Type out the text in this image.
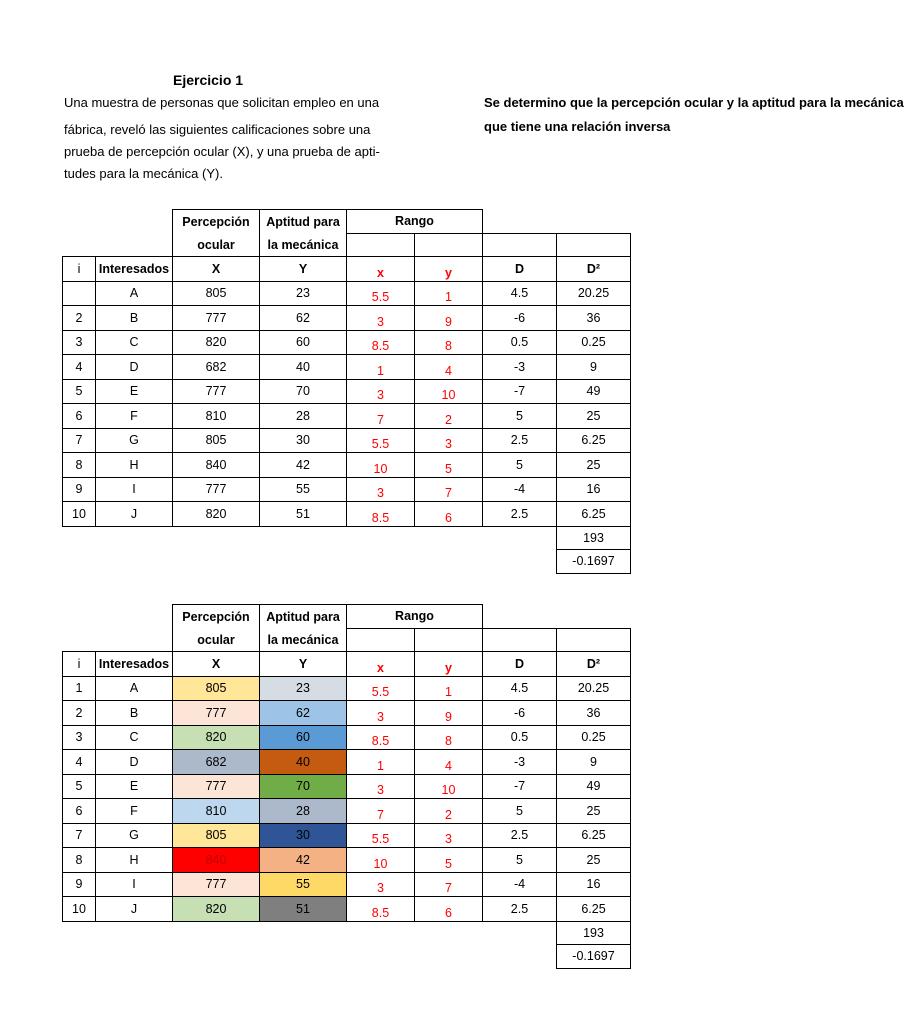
Ejercicio 1
Una muestra de personas que solicitan empleo en una
fábrica, reveló las siguientes calificaciones sobre una
prueba de percepción ocular (X), y una prueba de apti-
tudes para la mecánica (Y).
Se determino que la percepción ocular y la aptitud para la mecánica
que tiene una relación inversa
		Percepción	Aptitud para	Rango			
		ocular	la mecánica				
i	Interesados	X	Y	x	y	D	D²
	A	805	23	5.5	1	4.5	20.25
2	B	777	62	3	9	-6	36
3	C	820	60	8.5	8	0.5	0.25
4	D	682	40	1	4	-3	9
5	E	777	70	3	10	-7	49
6	F	810	28	7	2	5	25
7	G	805	30	5.5	3	2.5	6.25
8	H	840	42	10	5	5	25
9	I	777	55	3	7	-4	16
10	J	820	51	8.5	6	2.5	6.25
							193
							-0.1697
		Percepción	Aptitud para	Rango			
		ocular	la mecánica				
i	Interesados	X	Y	x	y	D	D²
1	A	805	23	5.5	1	4.5	20.25
2	B	777	62	3	9	-6	36
3	C	820	60	8.5	8	0.5	0.25
4	D	682	40	1	4	-3	9
5	E	777	70	3	10	-7	49
6	F	810	28	7	2	5	25
7	G	805	30	5.5	3	2.5	6.25
8	H	840	42	10	5	5	25
9	I	777	55	3	7	-4	16
10	J	820	51	8.5	6	2.5	6.25
							193
							-0.1697
